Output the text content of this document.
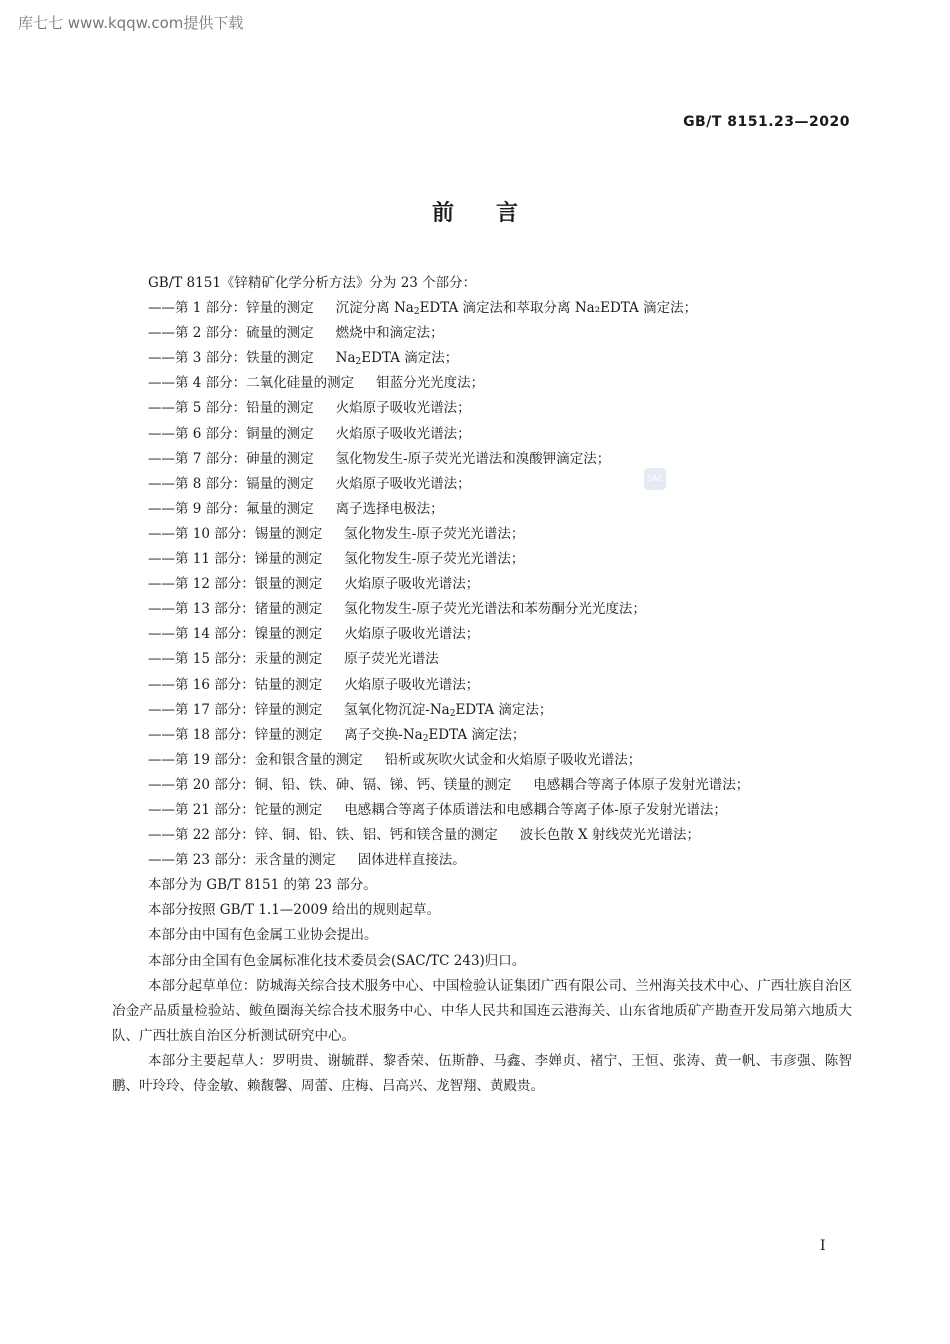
库七七 www.kqqw.com提供下载
GB/T 8151.23—2020
前言
SAC
GB/T 8151《锌精矿化学分析方法》分为 23 个部分：
——第 1 部分：锌量的测定 沉淀分离 $Na_2EDTA$ 滴定法和萃取分离 Na₂EDTA 滴定法；
——第 2 部分：硫量的测定 燃烧中和滴定法；
——第 3 部分：铁量的测定 $Na_2EDTA$ 滴定法；
——第 4 部分：二氧化硅量的测定 钼蓝分光光度法；
——第 5 部分：铅量的测定 火焰原子吸收光谱法；
——第 6 部分：铜量的测定 火焰原子吸收光谱法；
——第 7 部分：砷量的测定 氢化物发生-原子荧光光谱法和溴酸钾滴定法；
——第 8 部分：镉量的测定 火焰原子吸收光谱法；
——第 9 部分：氟量的测定 离子选择电极法；
——第 10 部分：锡量的测定 氢化物发生-原子荧光光谱法；
——第 11 部分：锑量的测定 氢化物发生-原子荧光光谱法；
——第 12 部分：银量的测定 火焰原子吸收光谱法；
——第 13 部分：锗量的测定 氢化物发生-原子荧光光谱法和苯芴酮分光光度法；
——第 14 部分：镍量的测定 火焰原子吸收光谱法；
——第 15 部分：汞量的测定 原子荧光光谱法
——第 16 部分：钴量的测定 火焰原子吸收光谱法；
——第 17 部分：锌量的测定 氢氧化物沉淀$-Na_2EDTA$ 滴定法；
——第 18 部分：锌量的测定 离子交换$-Na_2EDTA$ 滴定法；
——第 19 部分：金和银含量的测定 铅析或灰吹火试金和火焰原子吸收光谱法；
——第 20 部分：铜、铅、铁、砷、镉、锑、钙、镁量的测定 电感耦合等离子体原子发射光谱法；
——第 21 部分：铊量的测定 电感耦合等离子体质谱法和电感耦合等离子体-原子发射光谱法；
——第 22 部分：锌、铜、铅、铁、铝、钙和镁含量的测定 波长色散 X 射线荧光光谱法；
——第 23 部分：汞含量的测定 固体进样直接法。
本部分为 GB/T 8151 的第 23 部分。
本部分按照 GB/T 1.1—2009 给出的规则起草。
本部分由中国有色金属工业协会提出。
本部分由全国有色金属标准化技术委员会(SAC/TC 243)归口。
本部分起草单位：防城海关综合技术服务中心、中国检验认证集团广西有限公司、兰州海关技术中心、广西壮族自治区冶金产品质量检验站、鲅鱼圈海关综合技术服务中心、中华人民共和国连云港海关、山东省地质矿产勘查开发局第六地质大队、广西壮族自治区分析测试研究中心。
本部分主要起草人：罗明贵、谢毓群、黎香荣、伍斯静、马鑫、李婵贞、褚宁、王恒、张涛、黄一帆、韦彦强、陈智鹏、叶玲玲、侍金敏、赖馥馨、周蕾、庄梅、吕高兴、龙智翔、黄殿贵。
I
